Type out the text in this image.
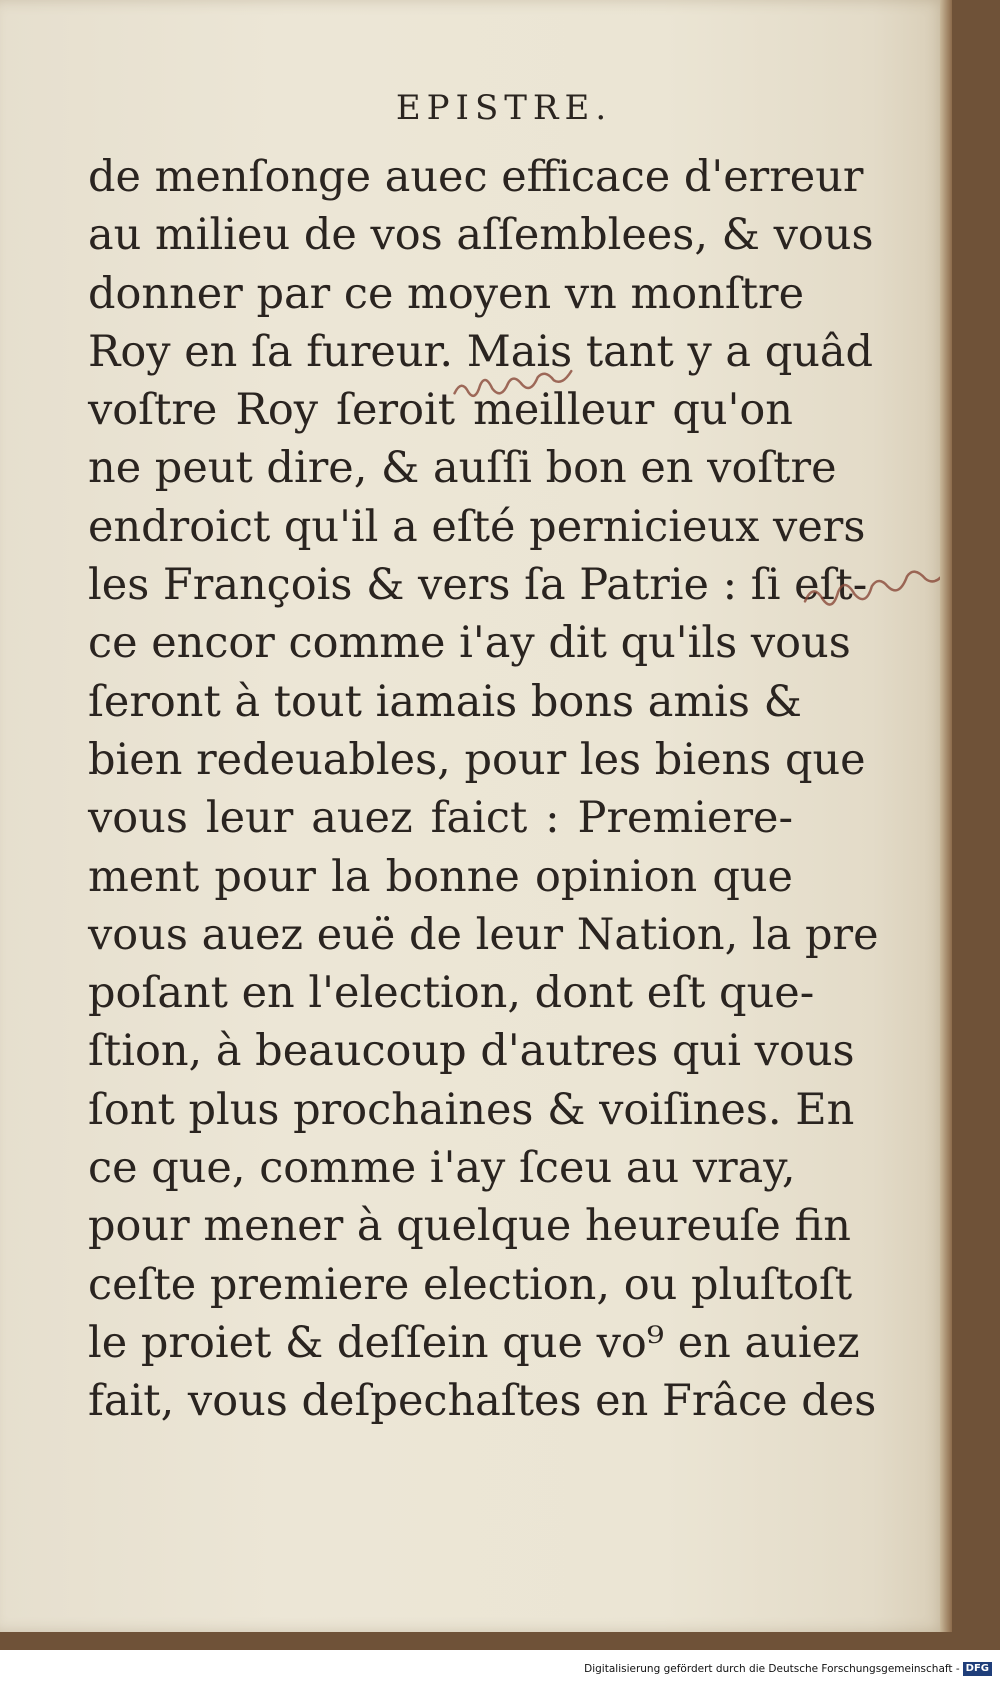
EPISTRE.
de menſonge auec efficace d'erreur
au milieu de vos aſſemblees, & vous
donner par ce moyen vn monſtre
Roy en ſa fureur. Mais tant y a quâd
voſtre Roy ſeroit meilleur qu'on
ne peut dire, & auſſi bon en voſtre
endroict qu'il a eſté pernicieux vers
les François & vers ſa Patrie : ſi eſt-
ce encor comme i'ay dit qu'ils vous
ſeront à tout iamais bons amis &
bien redeuables, pour les biens que
vous leur auez faict : Premiere-
ment pour la bonne opinion que
vous auez euë de leur Nation, la pre
poſant en l'election, dont eſt que-
ſtion, à beaucoup d'autres qui vous
ſont plus prochaines & voiſines. En
ce que, comme i'ay ſceu au vray,
pour mener à quelque heureuſe fin
ceſte premiere election, ou pluſtoſt
le proiet & deſſein que vo⁹ en auiez
fait, vous deſpechaſtes en Frâce des
Digitalisierung gefördert durch die Deutsche Forschungsgemeinschaft - DFG
